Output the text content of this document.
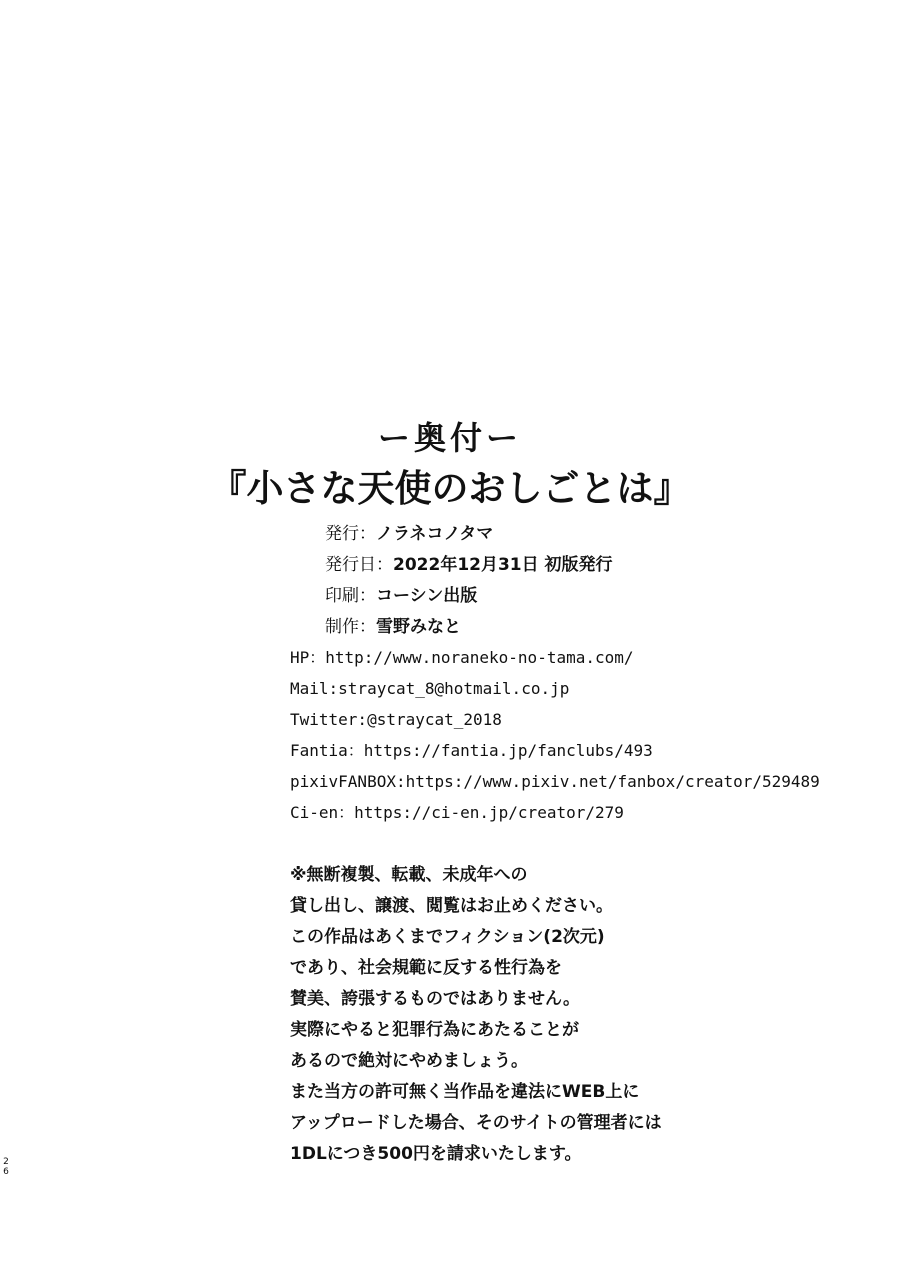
ー奥付ー
『小さな天使のおしごとは』
発行：ノラネコノタマ
発行日：2022年12月31日 初版発行
印刷：コーシン出版
制作：雪野みなと
HP：http://www.noraneko-no-tama.com/
Mail:straycat_8@hotmail.co.jp
Twitter:@straycat_2018
Fantia：https://fantia.jp/fanclubs/493
pixivFANBOX:https://www.pixiv.net/fanbox/creator/529489
Ci-en：https://ci-en.jp/creator/279
※無断複製、転載、未成年への
貸し出し、譲渡、閲覧はお止めください。
この作品はあくまでフィクション(2次元)
であり、社会規範に反する性行為を
賛美、誇張するものではありません。
実際にやると犯罪行為にあたることが
あるので絶対にやめましょう。
また当方の許可無く当作品を違法にWEB上に
アップロードした場合、そのサイトの管理者には
1DLにつき500円を請求いたします。
2
6
